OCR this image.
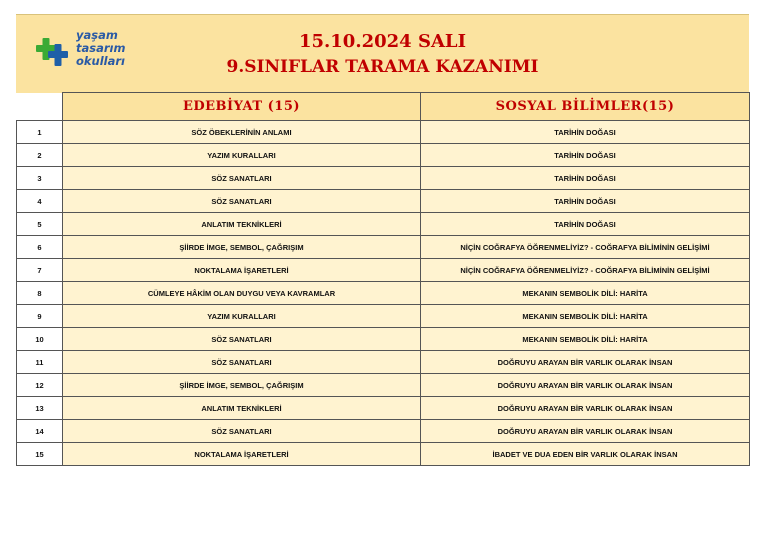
yaşam
tasarım
okulları
15.10.2024 SALI
9.SINIFLAR TARAMA KAZANIMI
	EDEBİYAT (15)	SOSYAL BİLİMLER(15)
1	SÖZ ÖBEKLERİNİN ANLAMI	TARİHİN DOĞASI
2	YAZIM KURALLARI	TARİHİN DOĞASI
3	SÖZ SANATLARI	TARİHİN DOĞASI
4	SÖZ SANATLARI	TARİHİN DOĞASI
5	ANLATIM TEKNİKLERİ	TARİHİN DOĞASI
6	ŞİİRDE İMGE, SEMBOL, ÇAĞRIŞIM	NİÇİN COĞRAFYA ÖĞRENMELİYİZ? - COĞRAFYA BİLİMİNİN GELİŞİMİ
7	NOKTALAMA İŞARETLERİ	NİÇİN COĞRAFYA ÖĞRENMELİYİZ? - COĞRAFYA BİLİMİNİN GELİŞİMİ
8	CÜMLEYE HÂKİM OLAN DUYGU VEYA KAVRAMLAR	MEKANIN SEMBOLİK DİLİ: HARİTA
9	YAZIM KURALLARI	MEKANIN SEMBOLİK DİLİ: HARİTA
10	SÖZ SANATLARI	MEKANIN SEMBOLİK DİLİ: HARİTA
11	SÖZ SANATLARI	DOĞRUYU ARAYAN BİR VARLIK OLARAK İNSAN
12	ŞİİRDE İMGE, SEMBOL, ÇAĞRIŞIM	DOĞRUYU ARAYAN BİR VARLIK OLARAK İNSAN
13	ANLATIM TEKNİKLERİ	DOĞRUYU ARAYAN BİR VARLIK OLARAK İNSAN
14	SÖZ SANATLARI	DOĞRUYU ARAYAN BİR VARLIK OLARAK İNSAN
15	NOKTALAMA İŞARETLERİ	İBADET VE DUA EDEN BİR VARLIK OLARAK İNSAN
